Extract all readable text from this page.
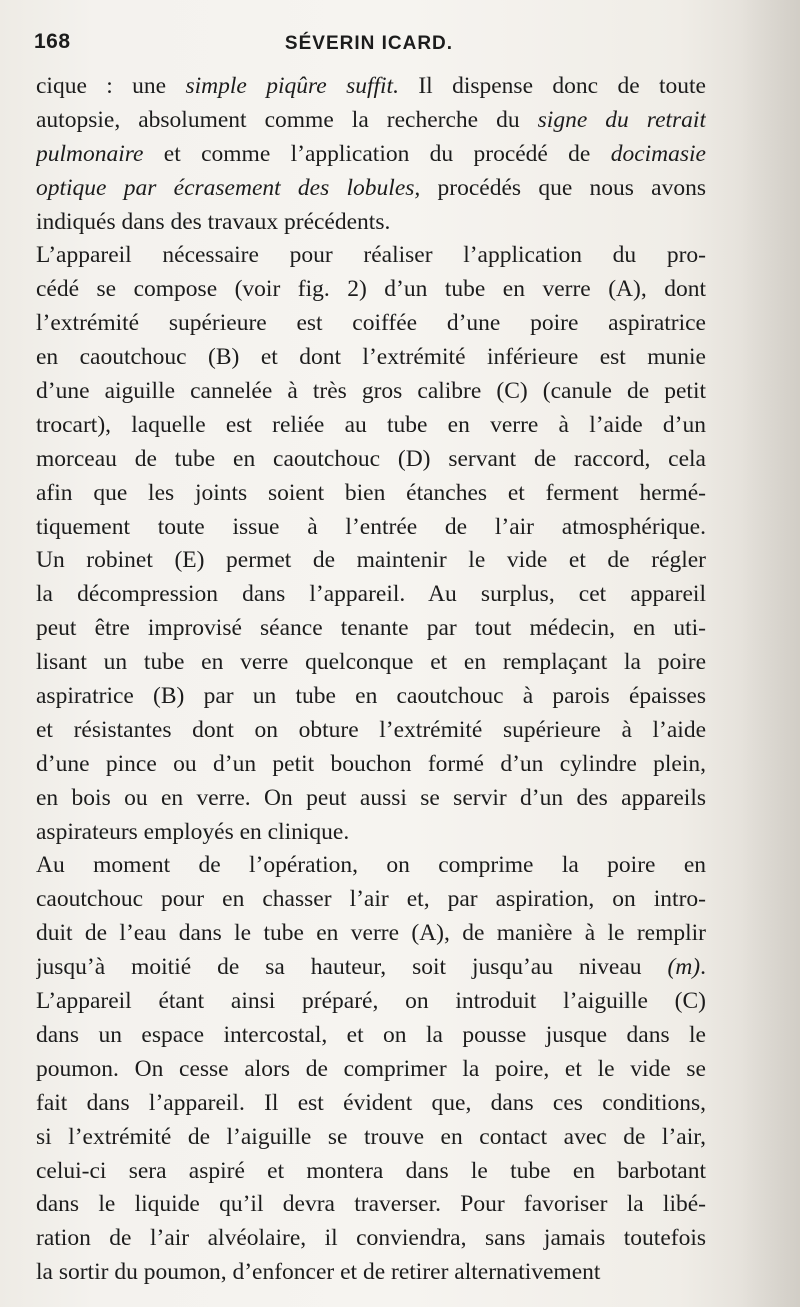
168	SÉVERIN ICARD.
cique : une simple piqûre suffit. Il dispense donc de toute
autopsie, absolument comme la recherche du signe du retrait
pulmonaire et comme l’application du procédé de docimasie
optique par écrasement des lobules, procédés que nous avons
indiqués dans des travaux précédents.
L’appareil nécessaire pour réaliser l’application du pro-
cédé se compose (voir fig. 2) d’un tube en verre (A), dont
l’extrémité supérieure est coiffée d’une poire aspiratrice
en caoutchouc (B) et dont l’extrémité inférieure est munie
d’une aiguille cannelée à très gros calibre (C) (canule de petit
trocart), laquelle est reliée au tube en verre à l’aide d’un
morceau de tube en caoutchouc (D) servant de raccord, cela
afin que les joints soient bien étanches et ferment hermé-
tiquement toute issue à l’entrée de l’air atmosphérique.
Un robinet (E) permet de maintenir le vide et de régler
la décompression dans l’appareil. Au surplus, cet appareil
peut être improvisé séance tenante par tout médecin, en uti-
lisant un tube en verre quelconque et en remplaçant la poire
aspiratrice (B) par un tube en caoutchouc à parois épaisses
et résistantes dont on obture l’extrémité supérieure à l’aide
d’une pince ou d’un petit bouchon formé d’un cylindre plein,
en bois ou en verre. On peut aussi se servir d’un des appareils
aspirateurs employés en clinique.
Au moment de l’opération, on comprime la poire en
caoutchouc pour en chasser l’air et, par aspiration, on intro-
duit de l’eau dans le tube en verre (A), de manière à le remplir
jusqu’à moitié de sa hauteur, soit jusqu’au niveau (m).
L’appareil étant ainsi préparé, on introduit l’aiguille (C)
dans un espace intercostal, et on la pousse jusque dans le
poumon. On cesse alors de comprimer la poire, et le vide se
fait dans l’appareil. Il est évident que, dans ces conditions,
si l’extrémité de l’aiguille se trouve en contact avec de l’air,
celui-ci sera aspiré et montera dans le tube en barbotant
dans le liquide qu’il devra traverser. Pour favoriser la libé-
ration de l’air alvéolaire, il conviendra, sans jamais toutefois
la sortir du poumon, d’enfoncer et de retirer alternativement
